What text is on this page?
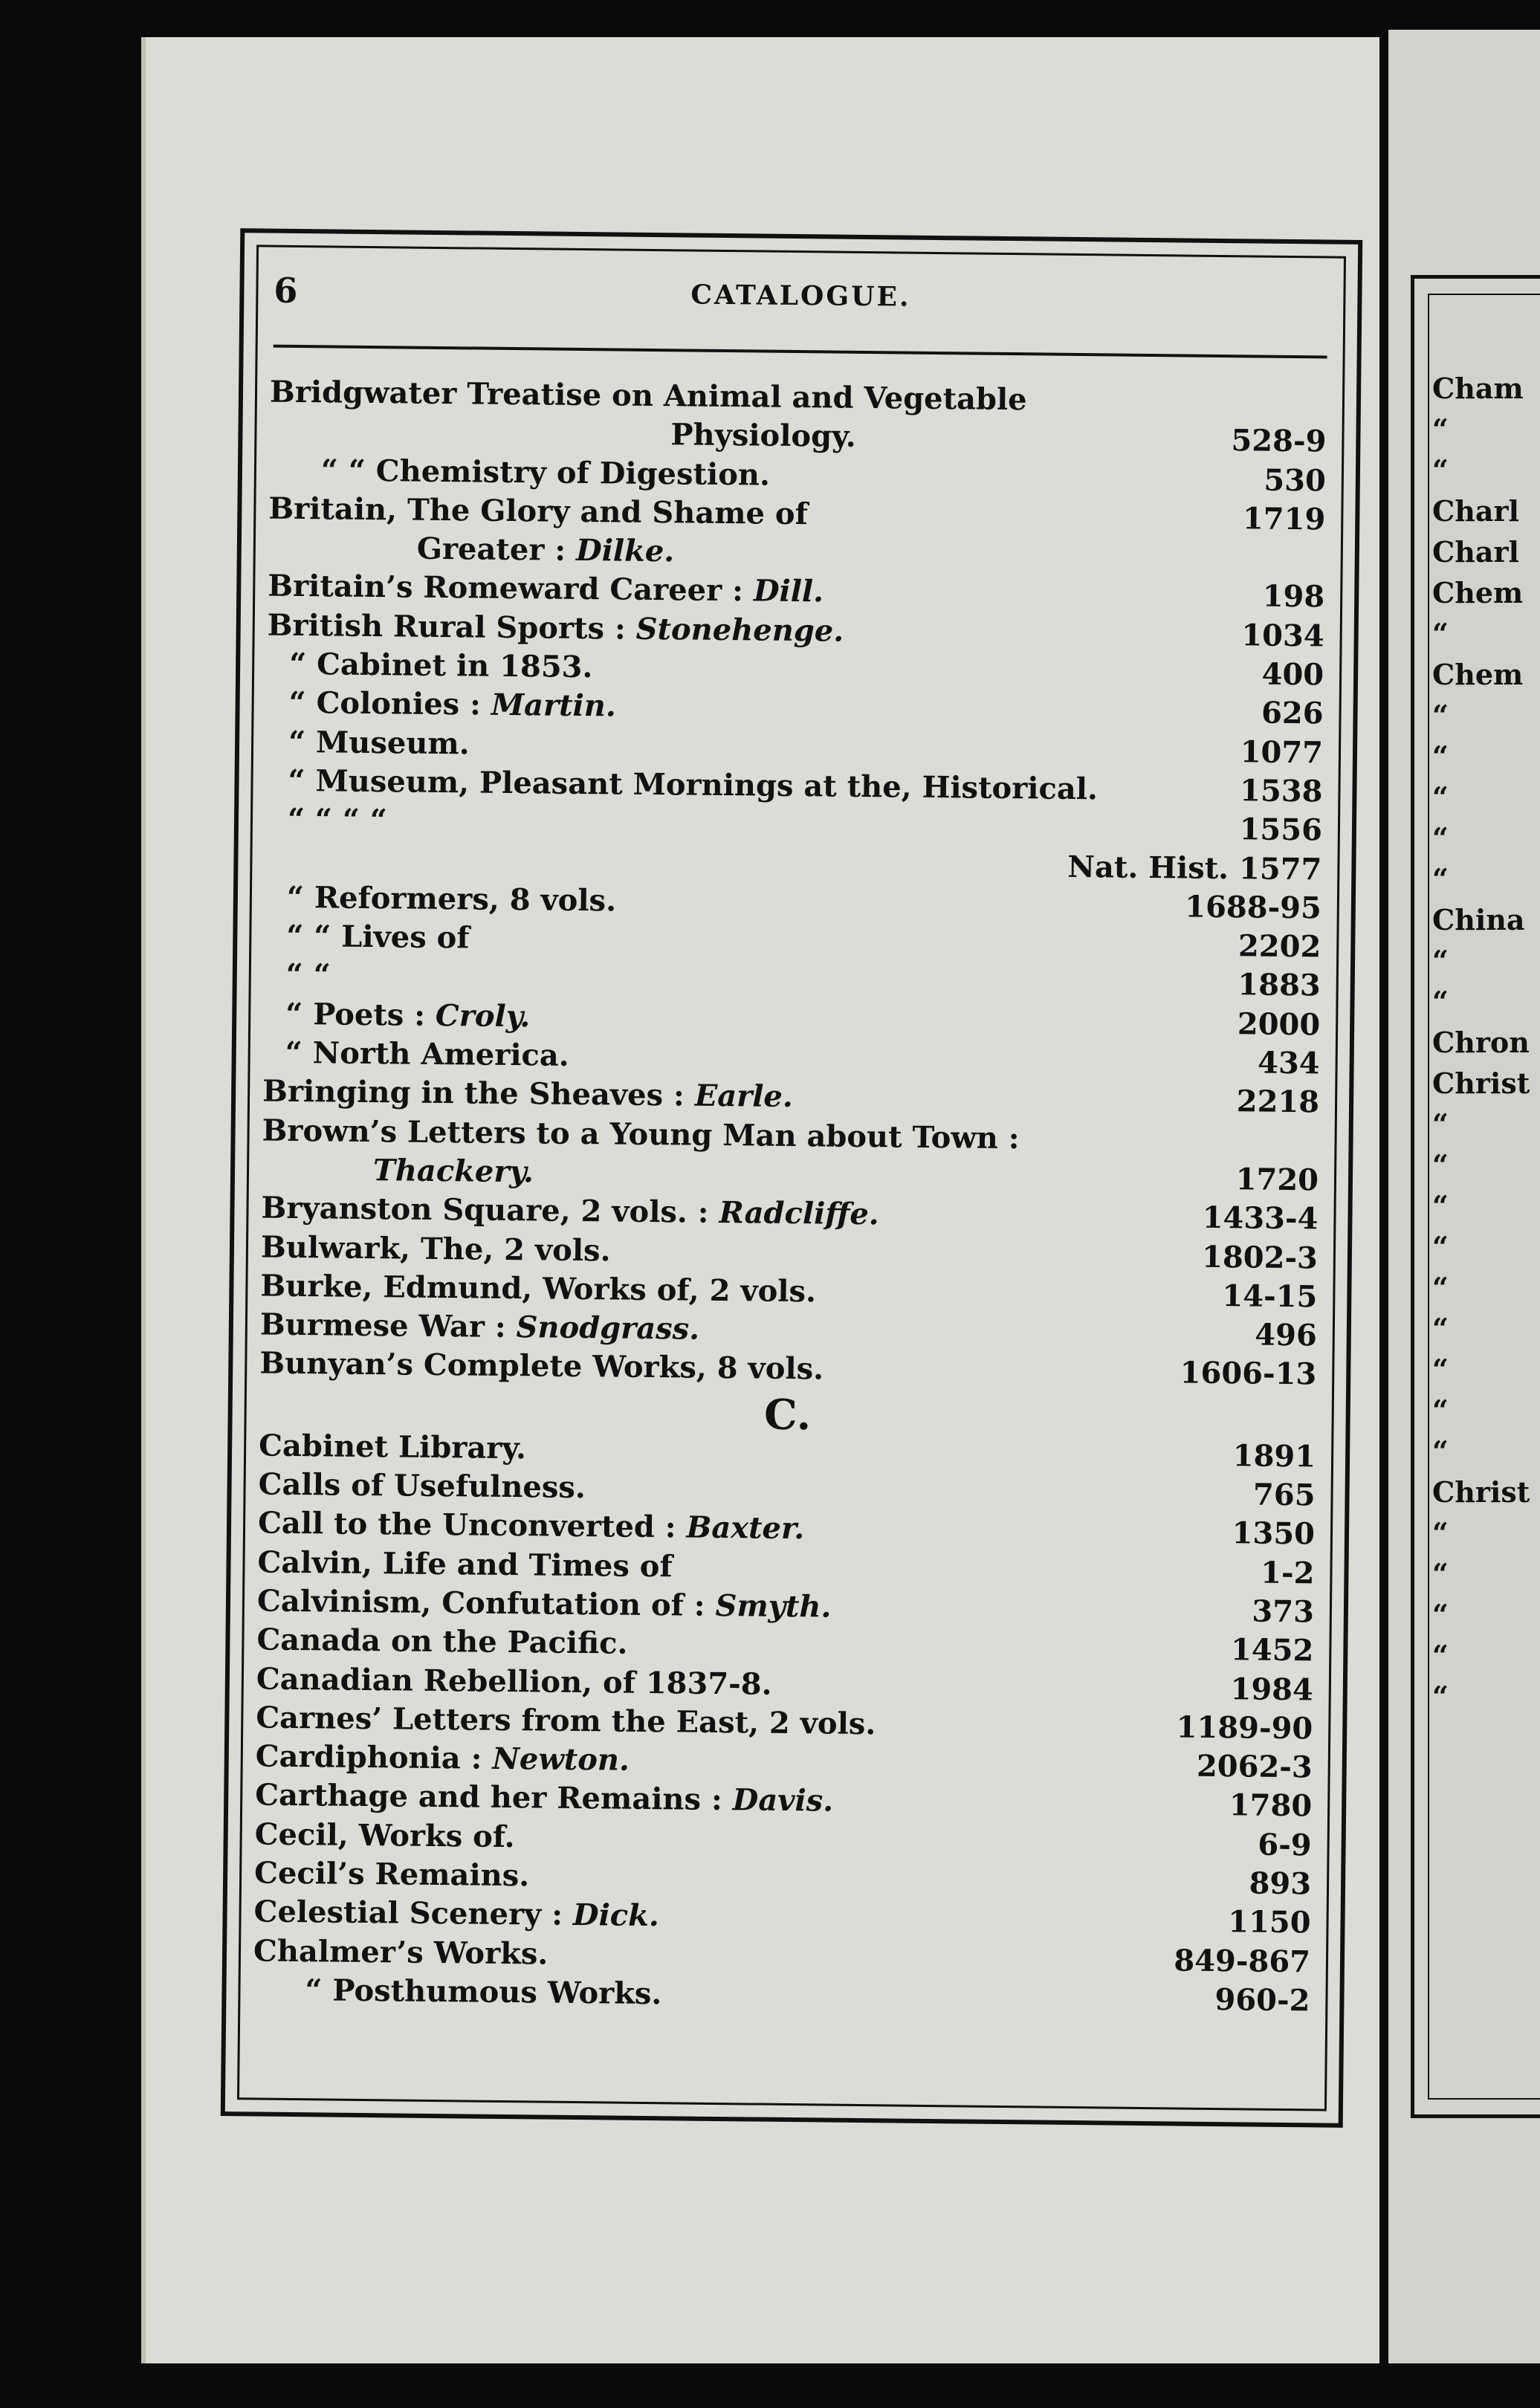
Cham
“
“
Charl
Charl
Chem
“
Chem
“
“
“
“
“
China
“
“
Chron
Christ
“
“
“
“
“
“
“
“
“
Christ
“
“
“
“
“
6	CATALOGUE.
Bridgwater Treatise on Animal and Vegetable
Physiology.	528-9
“ “ Chemistry of Digestion.	530
Britain, The Glory and Shame of	1719
Greater : Dilke.
Britain’s Romeward Career : Dill.	198
British Rural Sports : Stonehenge.	1034
“ Cabinet in 1853.	400
“ Colonies : Martin.	626
“ Museum.	1077
“ Museum, Pleasant Mornings at the, Historical.	1538
“ “ “ “	1556
Nat. Hist. 1577
“ Reformers, 8 vols.	1688-95
“ “ Lives of	2202
“ “	1883
“ Poets : Croly.	2000
“ North America.	434
Bringing in the Sheaves : Earle.	2218
Brown’s Letters to a Young Man about Town :
Thackery.	1720
Bryanston Square, 2 vols. : Radcliffe.	1433-4
Bulwark, The, 2 vols.	1802-3
Burke, Edmund, Works of, 2 vols.	14-15
Burmese War : Snodgrass.	496
Bunyan’s Complete Works, 8 vols.	1606-13
C.
Cabinet Library.	1891
Calls of Usefulness.	765
Call to the Unconverted : Baxter.	1350
Calvin, Life and Times of	1-2
Calvinism, Confutation of : Smyth.	373
Canada on the Pacific.	1452
Canadian Rebellion, of 1837-8.	1984
Carnes’ Letters from the East, 2 vols.	1189-90
Cardiphonia : Newton.	2062-3
Carthage and her Remains : Davis.	1780
Cecil, Works of.	6-9
Cecil’s Remains.	893
Celestial Scenery : Dick.	1150
Chalmer’s Works.	849-867
“ Posthumous Works.	960-2
